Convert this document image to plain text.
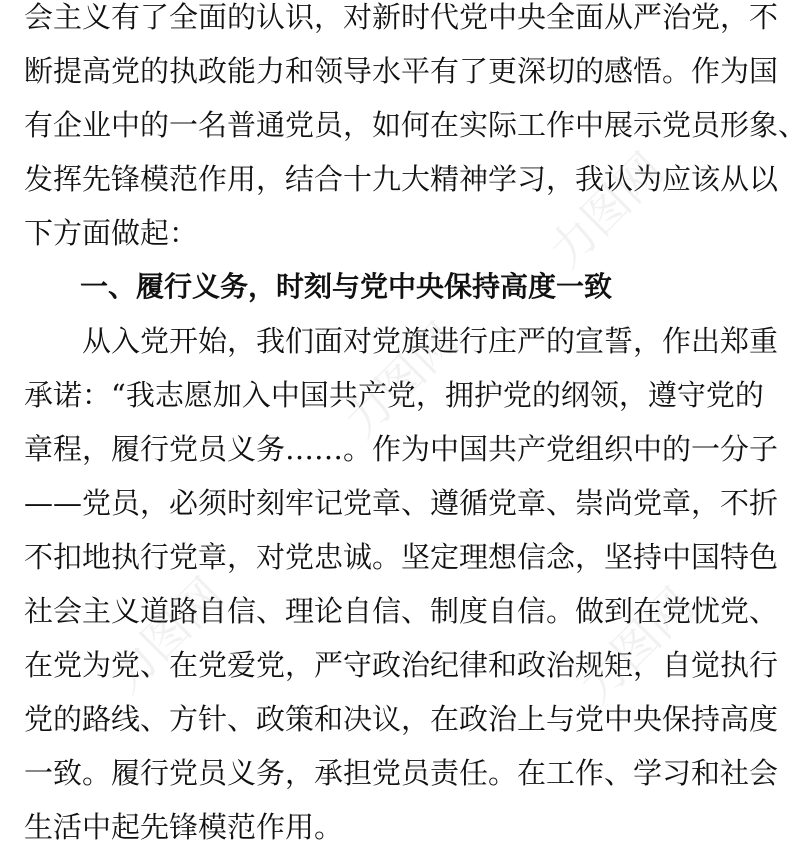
会主义有了全面的认识，对新时代党中央全面从严治党，不
断提高党的执政能力和领导水平有了更深切的感悟。作为国
有企业中的一名普通党员，如何在实际工作中展示党员形象、
发挥先锋模范作用，结合十九大精神学习，我认为应该从以
下方面做起：
　　一、履行义务，时刻与党中央保持高度一致
　　从入党开始，我们面对党旗进行庄严的宣誓，作出郑重
承诺：“我志愿加入中国共产党，拥护党的纲领，遵守党的
章程，履行党员义务……。作为中国共产党组织中的一分子
——党员，必须时刻牢记党章、遵循党章、崇尚党章，不折
不扣地执行党章，对党忠诚。坚定理想信念，坚持中国特色
社会主义道路自信、理论自信、制度自信。做到在党忧党、
在党为党、在党爱党，严守政治纪律和政治规矩，自觉执行
党的路线、方针、政策和决议，在政治上与党中央保持高度
一致。履行党员义务，承担党员责任。在工作、学习和社会
生活中起先锋模范作用。
力图网
力图网
力图网
力图网
